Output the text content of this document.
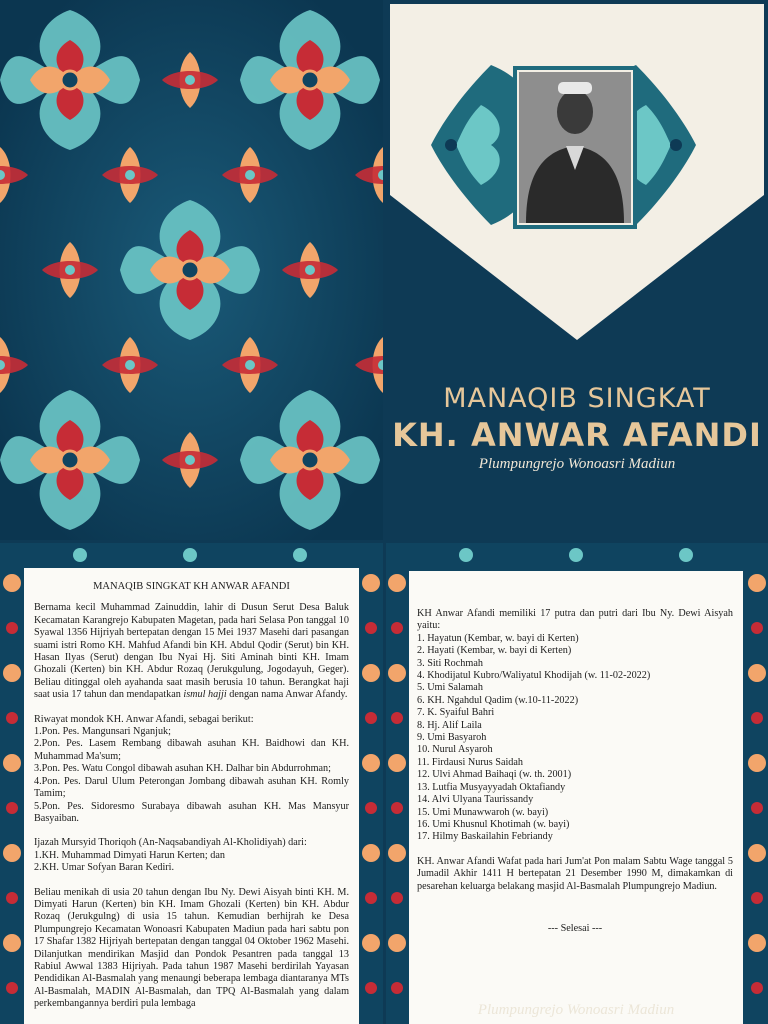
MANAQIB SINGKAT
KH. ANWAR AFANDI
Plumpungrejo Wonoasri Madiun
MANAQIB SINGKAT KH ANWAR AFANDI

Bernama kecil Muhammad Zainuddin, lahir di Dusun Serut Desa Baluk Kecamatan Karangrejo Kabupaten Magetan, pada hari Selasa Pon tanggal 10 Syawal 1356 Hijriyah bertepatan dengan 15 Mei 1937 Masehi dari pasangan suami istri Romo KH. Mahfud Afandi bin KH. Abdul Qodir (Serut) bin KH. Hasan Ilyas (Serut) dengan Ibu Nyai Hj. Siti Aminah binti KH. Imam Ghozali (Kerten) bin KH. Abdur Rozaq (Jerukgulung, Jogodayuh, Geger). Beliau ditinggal oleh ayahanda saat masih berusia 10 tahun. Berangkat haji saat usia 17 tahun dan mendapatkan ismul hajji dengan nama Anwar Afandy.

Riwayat mondok KH. Anwar Afandi, sebagai berikut:
1.Pon. Pes. Mangunsari Nganjuk;
2.Pon. Pes. Lasem Rembang dibawah asuhan KH. Baidhowi dan KH. Muhammad Ma'sum;
3.Pon. Pes. Watu Congol dibawah asuhan KH. Dalhar bin Abdurrohman;
4.Pon. Pes. Darul Ulum Peterongan Jombang dibawah asuhan KH. Romly Tamim;
5.Pon. Pes. Sidoresmo Surabaya dibawah asuhan KH. Mas Mansyur Basyaiban.
Ijazah Mursyid Thoriqoh (An-Naqsabandiyah Al-Kholidiyah) dari:
1.KH. Muhammad Dimyati Harun Kerten; dan
2.KH. Umar Sofyan Baran Kediri.

Beliau menikah di usia 20 tahun dengan Ibu Ny. Dewi Aisyah binti KH. M. Dimyati Harun (Kerten) bin KH. Imam Ghozali (Kerten) bin KH. Abdur Rozaq (Jerukgulng) di usia 15 tahun. Kemudian berhijrah ke Desa Plumpungrejo Kecamatan Wonoasri Kabupaten Madiun pada hari sabtu pon 17 Shafar 1382 Hijriyah bertepatan dengan tanggal 04 Oktober 1962 Masehi. Dilanjutkan mendirikan Masjid dan Pondok Pesantren pada tanggal 13 Rabiul Awwal 1383 Hijriyah. Pada tahun 1987 Masehi berdirilah Yayasan Pendidikan Al-Basmalah yang menaungi beberapa lembaga diantaranya MTs Al-Basmalah, MADIN Al-Basmalah, dan TPQ Al-Basmalah yang dalam perkembangannya berdiri pula lembaga

KH Anwar Afandi memiliki 17 putra dan putri dari Ibu Ny. Dewi Aisyah yaitu:
1. Hayatun (Kembar, w. bayi di Kerten)
2. Hayati (Kembar, w. bayi di Kerten)
3. Siti Rochmah
4. Khodijatul Kubro/Waliyatul Khodijah (w. 11-02-2022)
5. Umi Salamah
6. KH. Ngahdul Qadim (w.10-11-2022)
7. K. Syaiful Bahri
8. Hj. Alif Laila
9. Umi Basyaroh
10. Nurul Asyaroh
11. Firdausi Nurus Saidah
12. Ulvi Ahmad Baihaqi (w. th. 2001)
13. Lutfia Musyayyadah Oktafiandy
14. Alvi Ulyana Taurissandy
15. Umi Munawwaroh (w. bayi)
16. Umi Khusnul Khotimah (w. bayi)
17. Hilmy Baskailahin Febriandy

KH. Anwar Afandi Wafat pada hari Jum'at Pon malam Sabtu Wage tanggal 5 Jumadil Akhir 1411 H bertepatan 21 Desember 1990 M, dimakamkan di pesarehan keluarga belakang masjid Al-Basmalah Plumpungrejo Madiun.

--- Selesai ---
Plumpungrejo Wonoasri Madiun
